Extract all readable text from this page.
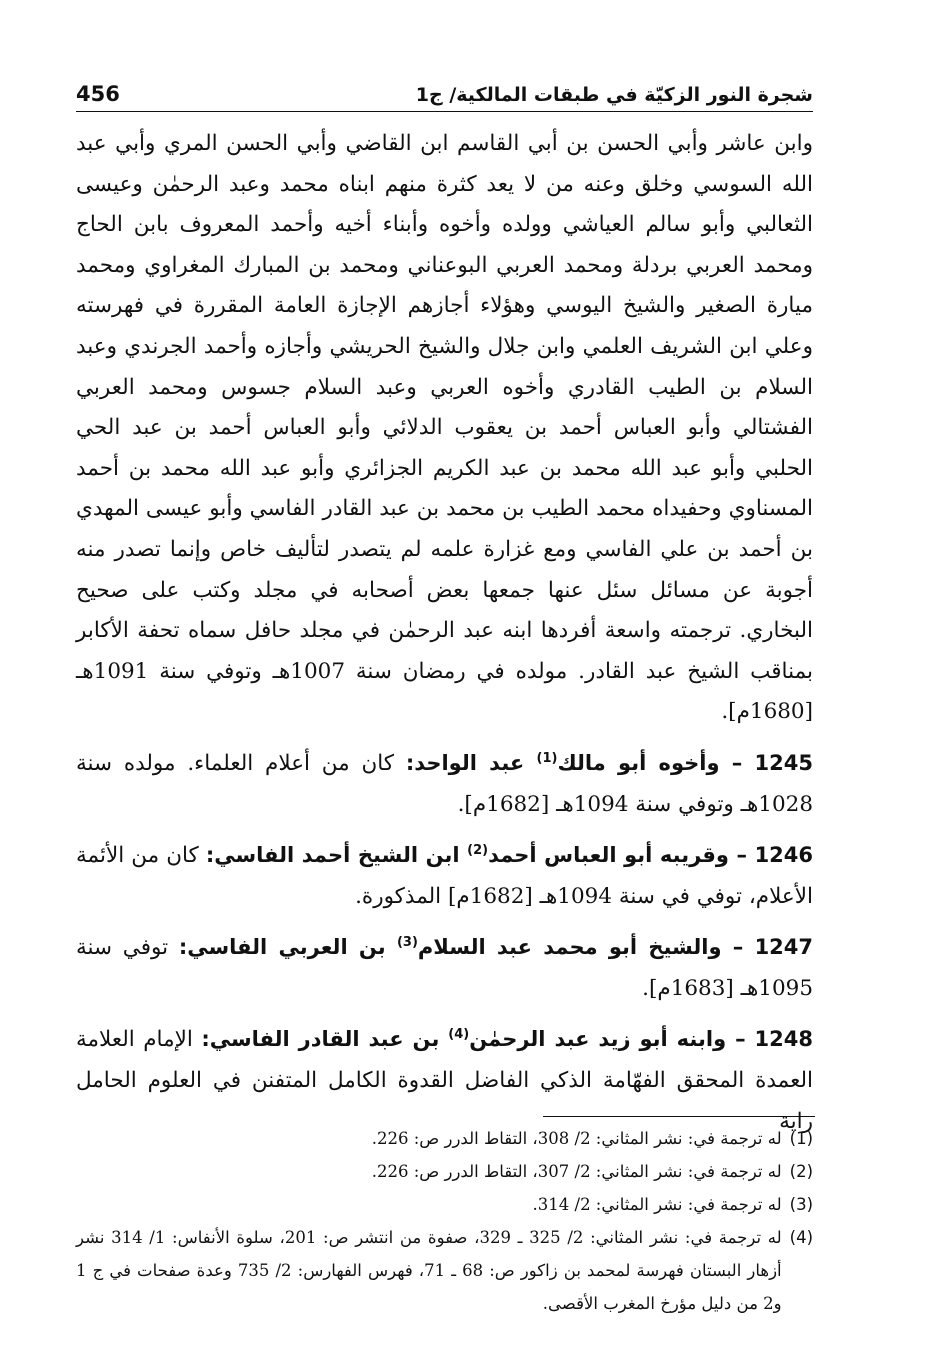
456	شجرة النور الزكيّة في طبقات المالكية/ ج1

وابن عاشر وأبي الحسن بن أبي القاسم ابن القاضي وأبي الحسن المري وأبي عبد الله السوسي وخلق وعنه من لا يعد كثرة منهم ابناه محمد وعبد الرحمٰن وعيسى الثعالبي وأبو سالم العياشي وولده وأخوه وأبناء أخيه وأحمد المعروف بابن الحاج ومحمد العربي بردلة ومحمد العربي البوعناني ومحمد بن المبارك المغراوي ومحمد ميارة الصغير والشيخ اليوسي وهؤلاء أجازهم الإجازة العامة المقررة في فهرسته وعلي ابن الشريف العلمي وابن جلال والشيخ الحريشي وأجازه وأحمد الجرندي وعبد السلام بن الطيب القادري وأخوه العربي وعبد السلام جسوس ومحمد العربي الفشتالي وأبو العباس أحمد بن يعقوب الدلائي وأبو العباس أحمد بن عبد الحي الحلبي وأبو عبد الله محمد بن عبد الكريم الجزائري وأبو عبد الله محمد بن أحمد المسناوي وحفيداه محمد الطيب بن محمد بن عبد القادر الفاسي وأبو عيسى المهدي بن أحمد بن علي الفاسي ومع غزارة علمه لم يتصدر لتأليف خاص وإنما تصدر منه أجوبة عن مسائل سئل عنها جمعها بعض أصحابه في مجلد وكتب على صحيح البخاري. ترجمته واسعة أفردها ابنه عبد الرحمٰن في مجلد حافل سماه تحفة الأكابر بمناقب الشيخ عبد القادر. مولده في رمضان سنة 1007هـ وتوفي سنة 1091هـ [1680م].

1245 – وأخوه أبو مالك$^{(1)}$ عبد الواحد: كان من أعلام العلماء. مولده سنة 1028هـ وتوفي سنة 1094هـ [1682م].

1246 – وقريبه أبو العباس أحمد$^{(2)}$ ابن الشيخ أحمد الفاسي: كان من الأئمة الأعلام، توفي في سنة 1094هـ [1682م] المذكورة.

1247 – والشيخ أبو محمد عبد السلام$^{(3)}$ بن العربي الفاسي: توفي سنة 1095هـ [1683م].

1248 – وابنه أبو زيد عبد الرحمٰن$^{(4)}$ بن عبد القادر الفاسي: الإمام العلامة العمدة المحقق الفهّامة الذكي الفاضل القدوة الكامل المتفنن في العلوم الحامل راية

(1)
له ترجمة في: نشر المثاني: 2/ 308، التقاط الدرر ص: 226.

(2)
له ترجمة في: نشر المثاني: 2/ 307، التقاط الدرر ص: 226.

(3)
له ترجمة في: نشر المثاني: 2/ 314.

(4)
له ترجمة في: نشر المثاني: 2/ 325 ـ 329، صفوة من انتشر ص: 201، سلوة الأنفاس: 1/ 314 نشر أزهار البستان فهرسة لمحمد بن زاكور ص: 68 ـ 71، فهرس الفهارس: 2/ 735 وعدة صفحات في ج 1 و2 من دليل مؤرخ المغرب الأقصى.
